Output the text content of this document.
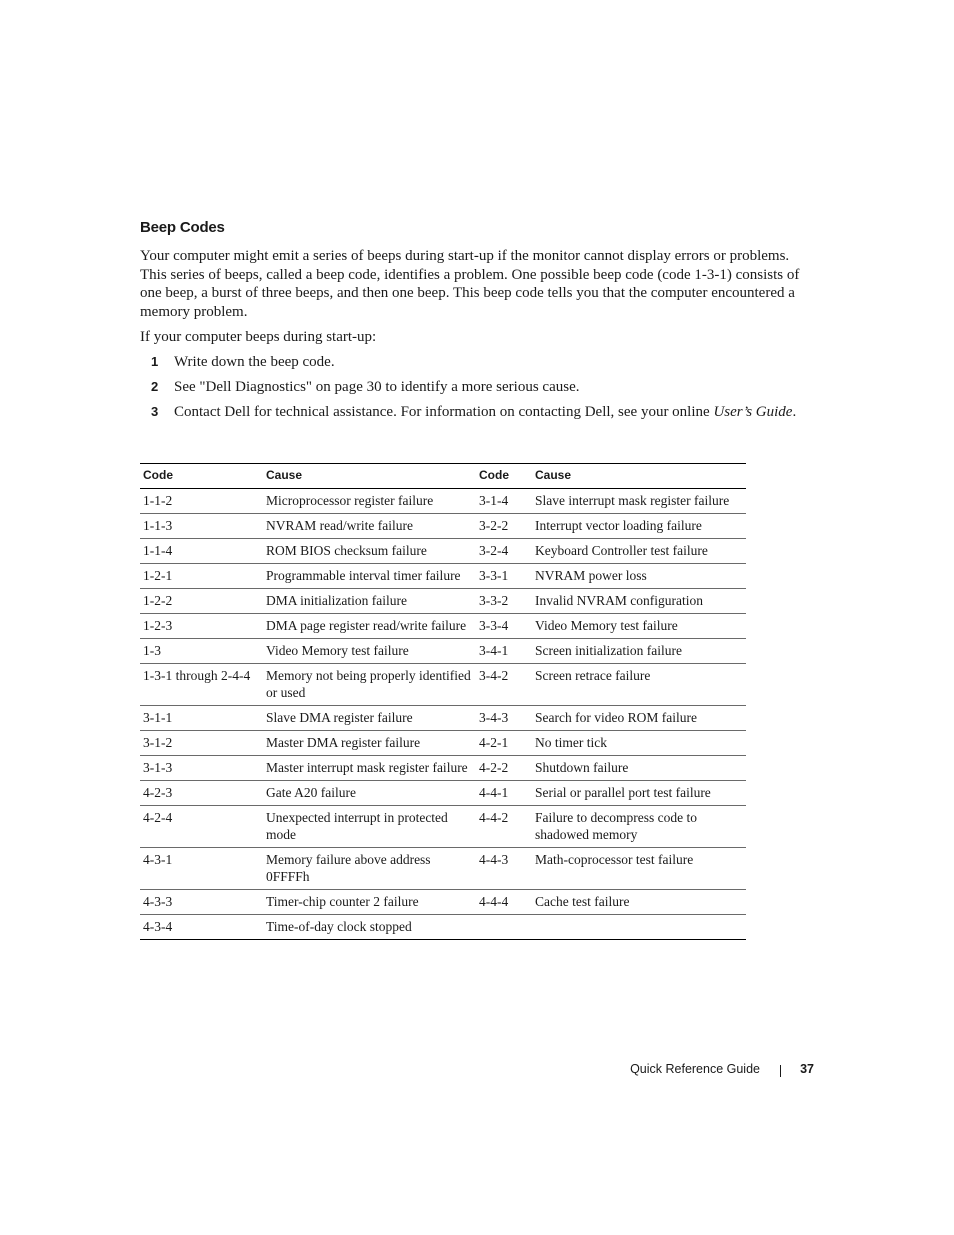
Beep Codes

Your computer might emit a series of beeps during start-up if the monitor cannot display errors or problems. This series of beeps, called a beep code, identifies a problem. One possible beep code (code 1-3-1) consists of one beep, a burst of three beeps, and then one beep. This beep code tells you that the computer encountered a memory problem.

If your computer beeps during start-up:

1 Write down the beep code.
2 See "Dell Diagnostics" on page 30 to identify a more serious cause.
3 Contact Dell for technical assistance. For information on contacting Dell, see your online User’s Guide.
Code	Cause	Code	Cause
1-1-2	Microprocessor register failure	3-1-4	Slave interrupt mask register failure
1-1-3	NVRAM read/write failure	3-2-2	Interrupt vector loading failure
1-1-4	ROM BIOS checksum failure	3-2-4	Keyboard Controller test failure
1-2-1	Programmable interval timer failure	3-3-1	NVRAM power loss
1-2-2	DMA initialization failure	3-3-2	Invalid NVRAM configuration
1-2-3	DMA page register read/write failure	3-3-4	Video Memory test failure
1-3	Video Memory test failure	3-4-1	Screen initialization failure
1-3-1 through 2-4-4	Memory not being properly identified or used	3-4-2	Screen retrace failure
3-1-1	Slave DMA register failure	3-4-3	Search for video ROM failure
3-1-2	Master DMA register failure	4-2-1	No timer tick
3-1-3	Master interrupt mask register failure	4-2-2	Shutdown failure
4-2-3	Gate A20 failure	4-4-1	Serial or parallel port test failure
4-2-4	Unexpected interrupt in protected mode	4-4-2	Failure to decompress code to shadowed memory
4-3-1	Memory failure above address 0FFFFh	4-4-3	Math-coprocessor test failure
4-3-3	Timer-chip counter 2 failure	4-4-4	Cache test failure
4-3-4	Time-of-day clock stopped		
Quick Reference Guide	37
